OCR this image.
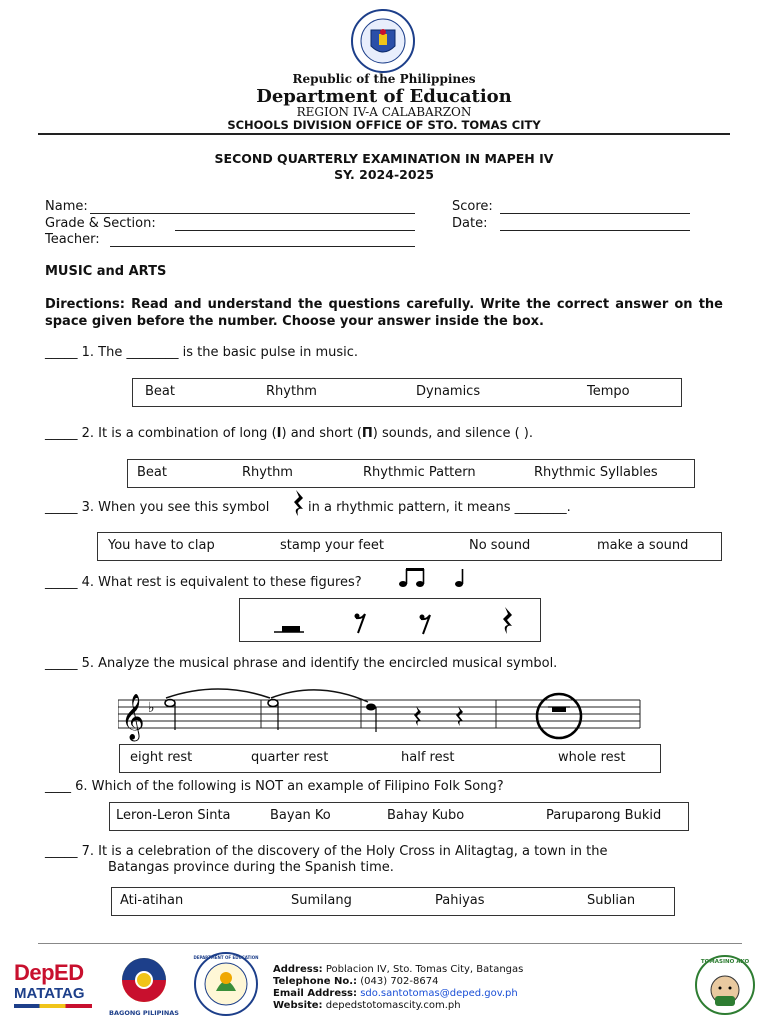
Republic of the Philippines
Department of Education
REGION IV-A CALABARZON
SCHOOLS DIVISION OFFICE OF STO. TOMAS CITY
SECOND QUARTERLY EXAMINATION IN MAPEH IV
SY. 2024-2025
Name:
Grade & Section:
Teacher:
Score:
Date:
MUSIC and ARTS
Directions: Read and understand the questions carefully. Write the correct answer on the space given before the number. Choose your answer inside the box.
_____ 1. The ________ is the basic pulse in music.
Beat	Rhythm	Dynamics	Tempo
_____ 2. It is a combination of long (I) and short (П) sounds, and silence ( ).
Beat	Rhythm	Rhythmic Pattern	Rhythmic Syllables
_____ 3. When you see this symbol	in a rhythmic pattern, it means ________.
You have to clap	stamp your feet	No sound	make a sound
_____ 4. What rest is equivalent to these figures?
_____ 5. Analyze the musical phrase and identify the encircled musical symbol.
𝄞 ♭
eight rest	quarter rest	half rest	whole rest
____ 6. Which of the following is NOT an example of Filipino Folk Song?
Leron-Leron Sinta	Bayan Ko	Bahay Kubo	Paruparong Bukid
_____ 7. It is a celebration of the discovery of the Holy Cross in Alitagtag, a town in the
Batangas province during the Spanish time.
Ati-atihan	Sumilang	Pahiyas	Sublian
DepED
MATATAG
BAGONG PILIPINAS
DEPARTMENT OF EDUCATION
Address: Poblacion IV, Sto. Tomas City, Batangas
Telephone No.: (043) 702-8674
Email Address: sdo.santotomas@deped.gov.ph
Website: depedstotomascity.com.ph
TOMASINO AKO
